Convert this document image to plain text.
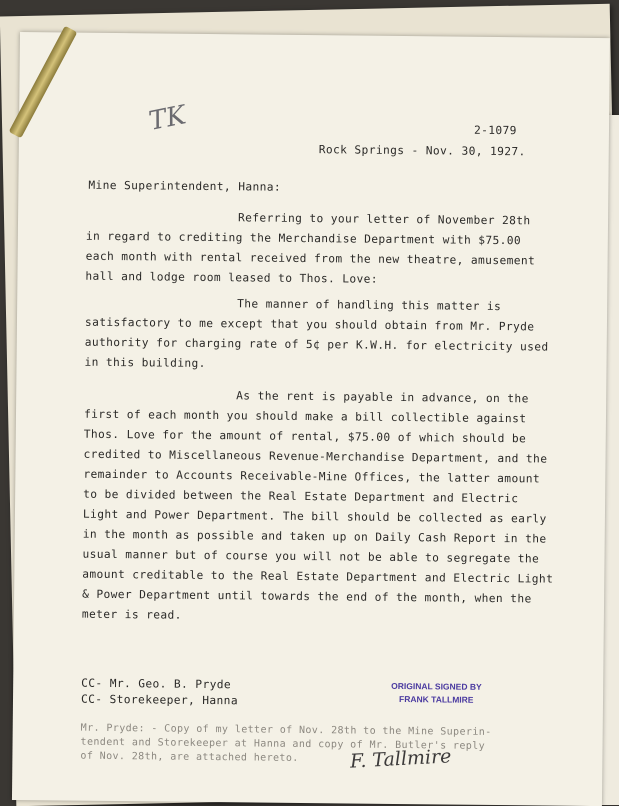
TK	2-1079
Rock Springs - Nov. 30, 1927.
Mine Superintendent, Hanna:
Referring to your letter of November 28th
in regard to crediting the Merchandise Department with $75.00
each month with rental received from the new theatre, amusement
hall and lodge room leased to Thos. Love:
The manner of handling this matter is
satisfactory to me except that you should obtain from Mr. Pryde
authority for charging rate of 5¢ per K.W.H. for electricity used
in this building.
As the rent is payable in advance, on the
first of each month you should make a bill collectible against
Thos. Love for the amount of rental, $75.00 of which should be
credited to Miscellaneous Revenue-Merchandise Department, and the
remainder to Accounts Receivable-Mine Offices, the latter amount
to be divided between the Real Estate Department and Electric
Light and Power Department. The bill should be collected as early
in the month as possible and taken up on Daily Cash Report in the
usual manner but of course you will not be able to segregate the
amount creditable to the Real Estate Department and Electric Light
& Power Department until towards the end of the month, when the
meter is read.
ORIGINAL SIGNED BY
FRANK TALLMIRE
CC- Mr. Geo. B. Pryde
CC- Storekeeper, Hanna
Mr. Pryde: - Copy of my letter of Nov. 28th to the Mine Superin-
tendent and Storekeeper at Hanna and copy of Mr. Butler's reply
of Nov. 28th, are attached hereto.	F. Tallmire
